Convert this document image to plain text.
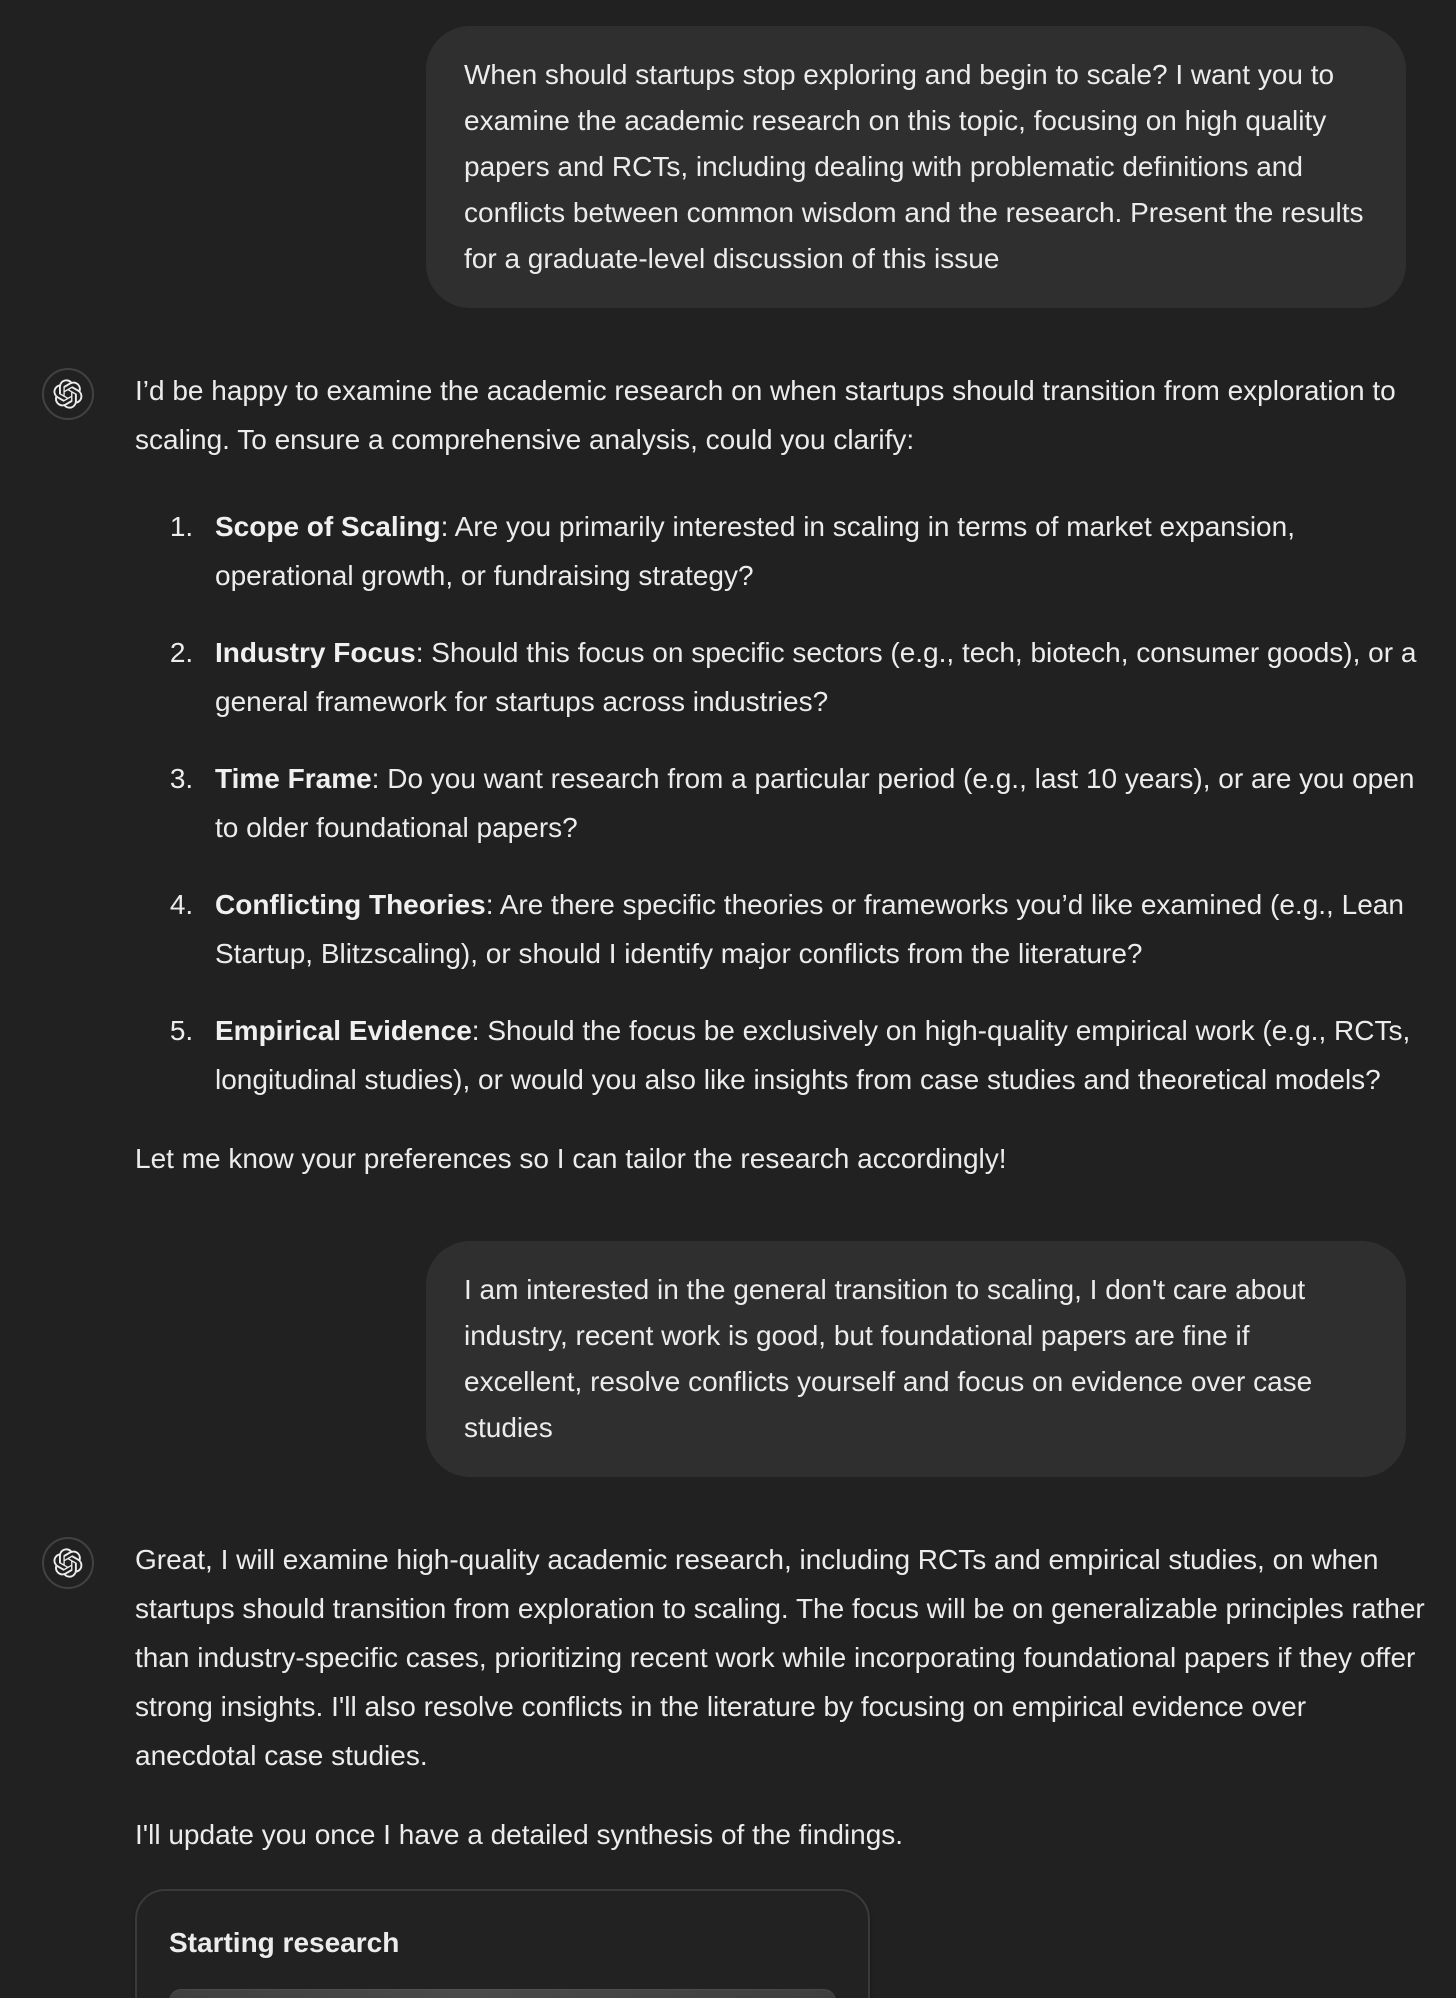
When should startups stop exploring and begin to scale? I want you to examine the academic research on this topic, focusing on high quality papers and RCTs, including dealing with problematic definitions and conflicts between common wisdom and the research. Present the results for a graduate-level discussion of this issue

I’d be happy to examine the academic research on when startups should transition from exploration to scaling. To ensure a comprehensive analysis, could you clarify:

1. Scope of Scaling: Are you primarily interested in scaling in terms of market expansion, operational growth, or fundraising strategy?
2. Industry Focus: Should this focus on specific sectors (e.g., tech, biotech, consumer goods), or a general framework for startups across industries?
3. Time Frame: Do you want research from a particular period (e.g., last 10 years), or are you open to older foundational papers?
4. Conflicting Theories: Are there specific theories or frameworks you’d like examined (e.g., Lean Startup, Blitzscaling), or should I identify major conflicts from the literature?
5. Empirical Evidence: Should the focus be exclusively on high-quality empirical work (e.g., RCTs, longitudinal studies), or would you also like insights from case studies and theoretical models?

Let me know your preferences so I can tailor the research accordingly!

I am interested in the general transition to scaling, I don't care about industry, recent work is good, but foundational papers are fine if excellent, resolve conflicts yourself and focus on evidence over case studies

Great, I will examine high-quality academic research, including RCTs and empirical studies, on when startups should transition from exploration to scaling. The focus will be on generalizable principles rather than industry-specific cases, prioritizing recent work while incorporating foundational papers if they offer strong insights. I'll also resolve conflicts in the literature by focusing on empirical evidence over anecdotal case studies.

I'll update you once I have a detailed synthesis of the findings.

Starting research
